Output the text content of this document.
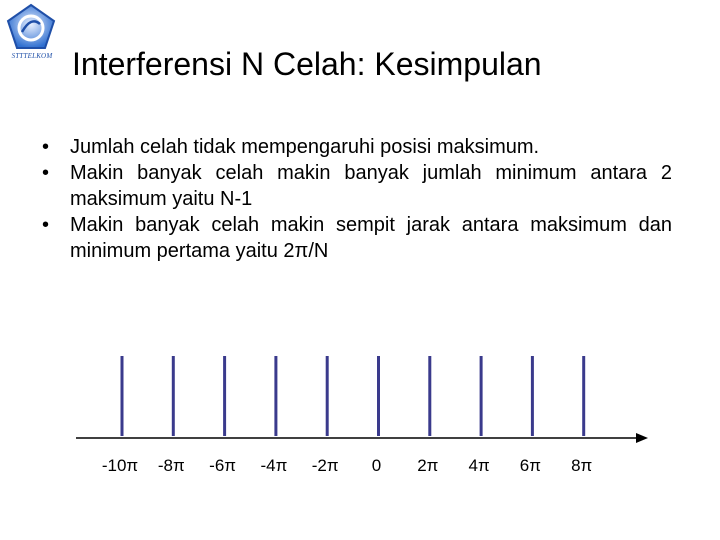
STTTELKOM Interferensi N Celah: Kesimpulan
•	Jumlah celah tidak mempengaruhi posisi maksimum.
•	Makin banyak celah makin banyak jumlah minimum antara 2 maksimum yaitu N-1
•	Makin banyak celah makin sempit jarak antara maksimum dan minimum pertama yaitu 2π/N
-10π -8π -6π -4π -2π 0 2π 4π 6π 8π
